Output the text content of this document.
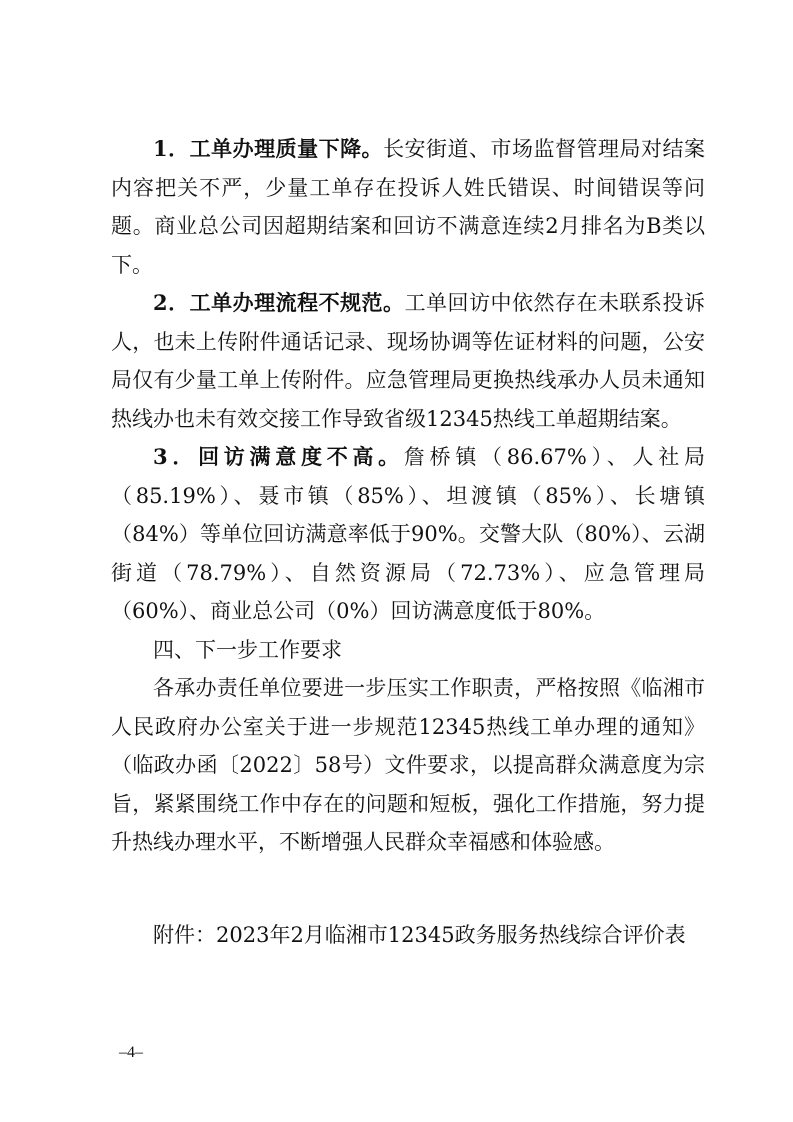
1．工单办理质量下降。长安街道、市场监督管理局对结案内容把关不严，少量工单存在投诉人姓氏错误、时间错误等问题。商业总公司因超期结案和回访不满意连续2月排名为B类以下。

2．工单办理流程不规范。工单回访中依然存在未联系投诉人，也未上传附件通话记录、现场协调等佐证材料的问题，公安局仅有少量工单上传附件。应急管理局更换热线承办人员未通知热线办也未有效交接工作导致省级12345热线工单超期结案。

3．回访满意度不高。詹桥镇（86.67%）、人社局（85.19%）、聂市镇（85%）、坦渡镇（85%）、长塘镇（84%）等单位回访满意率低于90%。交警大队（80%）、云湖街道（78.79%）、自然资源局（72.73%）、应急管理局（60%）、商业总公司（0%）回访满意度低于80%。

四、下一步工作要求

各承办责任单位要进一步压实工作职责，严格按照《临湘市人民政府办公室关于进一步规范12345热线工单办理的通知》（临政办函〔2022〕58号）文件要求，以提高群众满意度为宗旨，紧紧围绕工作中存在的问题和短板，强化工作措施，努力提升热线办理水平，不断增强人民群众幸福感和体验感。

附件：2023年2月临湘市12345政务服务热线综合评价表

–4–
